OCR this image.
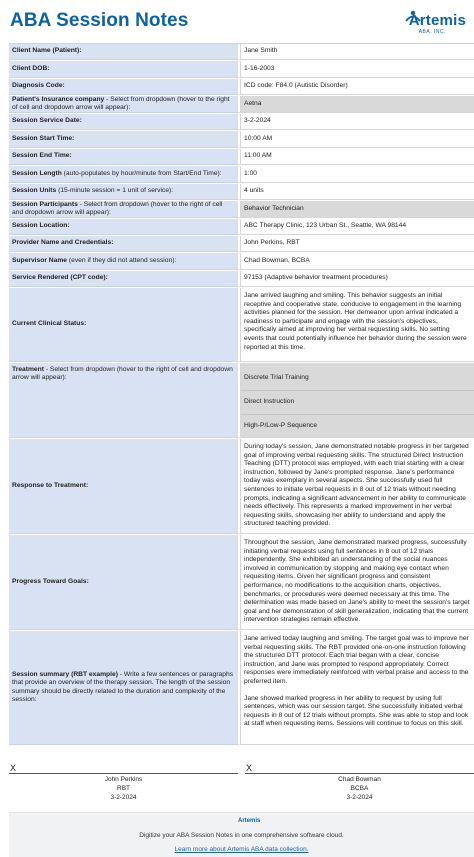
ABA Session Notes	Artemis
ABA, INC.
Client Name (Patient):	Jane Smith
Client DOB:	1-16-2003
Diagnosis Code:	ICD code: F84.0 (Autistic Disorder)
Patient's Insurance company - Select from dropdown (hover to the right of cell and dropdown arrow will appear):
Aetna
Session Service Date:	3-2-2024
Session Start Time:	10:00 AM
Session End Time:	11:00 AM
Session Length (auto-populates by hour/minute from Start/End Time):	1:00
Session Units (15-minute session = 1 unit of service):	4 units
Session Participants - Select from dropdown (hover to the right of cell and dropdown arrow will appear):
Behavior Technician
Session Location:	ABC Therapy Clinic, 123 Urban St., Seattle, WA 98144
Provider Name and Credentials:	John Perkins, RBT
Supervisor Name (even if they did not attend session):	Chad Bowman, BCBA
Service Rendered (CPT code):	97153 (Adaptive behavior treatment procedures)
Current Clinical Status:
Jane arrived laughing and smiling. This behavior suggests an initial receptive and cooperative state, conducive to engagement in the learning activities planned for the session. Her demeanor upon arrival indicated a readiness to participate and engage with the session's objectives, specifically aimed at improving her verbal requesting skills. No setting events that could potentially influence her behavior during the session were reported at this time.
Treatment - Select from dropdown (hover to the right of cell and dropdown arrow will appear):	Discrete Trial Training
Direct Instruction
High-P/Low-P Sequence
Response to Treatment:
During today's session, Jane demonstrated notable progress in her targeted goal of improving verbal requesting skills. The structured Direct Instruction Teaching (DTT) protocol was employed, with each trial starting with a clear instruction, followed by Jane's prompted response. Jane's performance today was exemplary in several aspects. She successfully used full sentences to initiate verbal requests in 8 out of 12 trials without needing prompts, indicating a significant advancement in her ability to communicate needs effectively. This represents a marked improvement in her verbal requesting skills, showcasing her ability to understand and apply the structured teaching provided.
Progress Toward Goals:
Throughout the session, Jane demonstrated marked progress, successfully initiating verbal requests using full sentences in 8 out of 12 trials independently. She exhibited an understanding of the social nuances involved in communication by stopping and making eye contact when requesting items. Given her significant progress and consistent performance, no modifications to the acquisition charts, objectives, benchmarks, or procedures were deemed necessary at this time. The determination was made based on Jane's ability to meet the session's target goal and her demonstration of skill generalization, indicating that the current intervention strategies remain effective.
Session summary (RBT example) - Write a few sentences or paragraphs that provide an overview of the therapy session. The length of the session summary should be directly related to the duration and complexity of the session:
Jane arrived today laughing and smiling. The target goal was to improve her verbal requesting skills. The RBT provided one-on-one instruction following the structured DTT protocol. Each trial began with a clear, concise instruction, and Jane was prompted to respond appropriately. Correct responses were immediately reinforced with verbal praise and access to the preferred item.
Jane showed marked progress in her ability to request by using full sentences, which was our session target. She successfully initiated verbal requests in 8 out of 12 trials without prompts. She was able to stop and look at staff when requesting items. Sessions will continue to focus on this skill.
X
John Perkins
RBT
3-2-2024
X
Chad Bowman
BCBA
3-2-2024
Artemis
Digitize your ABA Session Notes in one comprehensive software cloud.
Learn more about Artemis ABA data collection.
